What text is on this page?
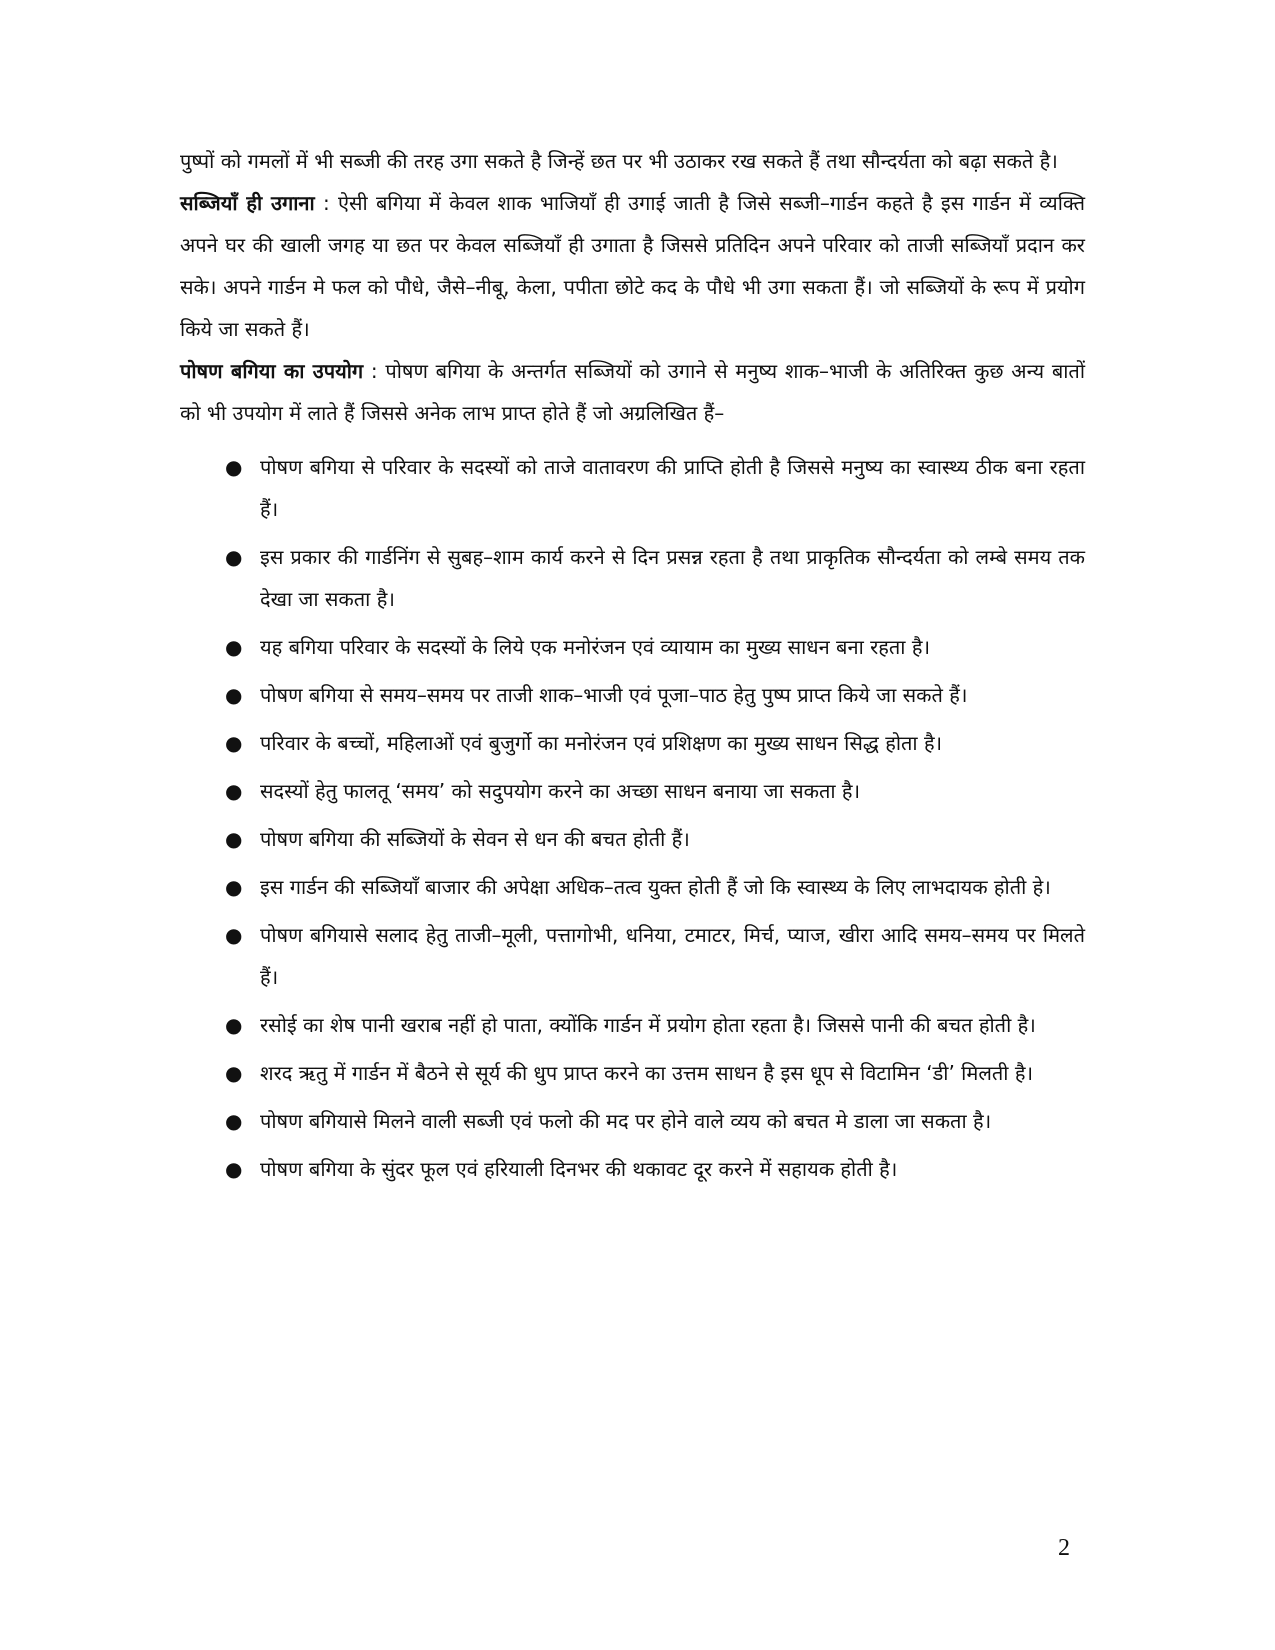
पुष्पों को गमलों में भी सब्जी की तरह उगा सकते है जिन्हें छत पर भी उठाकर रख सकते हैं तथा सौन्दर्यता को बढ़ा सकते है।

सब्जियॉं ही उगाना : ऐसी बगिया में केवल शाक भाजियॉं ही उगाई जाती है जिसे सब्जी–गार्डन कहते है इस गार्डन में व्यक्ति अपने घर की खाली जगह या छत पर केवल सब्जियॉं ही उगाता है जिससे प्रतिदिन अपने परिवार को ताजी सब्जियॉं प्रदान कर सके। अपने गार्डन मे फल को पौधे, जैसे–नीबू, केला, पपीता छोटे कद के पौधे भी उगा सकता हैं। जो सब्जियों के रूप में प्रयोग किये जा सकते हैं।

पोषण बगिया का उपयोग : पोषण बगिया के अन्तर्गत सब्जियों को उगाने से मनुष्य शाक–भाजी के अतिरिक्त कुछ अन्य बातों को भी उपयोग में लाते हैं जिससे अनेक लाभ प्राप्त होते हैं जो अग्रलिखित हैं–

● पोषण बगिया से परिवार के सदस्यों को ताजे वातावरण की प्राप्ति होती है जिससे मनुष्य का स्वास्थ्य ठीक बना रहता हैं।
● इस प्रकार की गार्डनिंग से सुबह–शाम कार्य करने से दिन प्रसन्न रहता है तथा प्राकृतिक सौन्दर्यता को लम्बे समय तक देखा जा सकता है।
● यह बगिया परिवार के सदस्यों के लिये एक मनोरंजन एवं व्यायाम का मुख्य साधन बना रहता है।
● पोषण बगिया से समय–समय पर ताजी शाक–भाजी एवं पूजा–पाठ हेतु पुष्प प्राप्त किये जा सकते हैं।
● परिवार के बच्चों, महिलाओं एवं बुजुर्गो का मनोरंजन एवं प्रशिक्षण का मुख्य साधन सिद्ध होता है।
● सदस्यों हेतु फालतू ‘समय’ को सदुपयोग करने का अच्छा साधन बनाया जा सकता है।
● पोषण बगिया की सब्जियों के सेवन से धन की बचत होती हैं।
● इस गार्डन की सब्जियॉं बाजार की अपेक्षा अधिक–तत्व युक्त होती हैं जो कि स्वास्थ्य के लिए लाभदायक होती हे।
● पोषण बगियासे सलाद हेतु ताजी–मूली, पत्तागोभी, धनिया, टमाटर, मिर्च, प्याज, खीरा आदि समय–समय पर मिलते हैं।
● रसोई का शेष पानी खराब नहीं हो पाता, क्योंकि गार्डन में प्रयोग होता रहता है। जिससे पानी की बचत होती है।
● शरद ऋतु में गार्डन में बैठने से सूर्य की धुप प्राप्त करने का उत्तम साधन है इस धूप से विटामिन ‘डी’ मिलती है।
● पोषण बगियासे मिलने वाली सब्जी एवं फलो की मद पर होने वाले व्यय को बचत मे डाला जा सकता है।
● पोषण बगिया के सुंदर फूल एवं हरियाली दिनभर की थकावट दूर करने में सहायक होती है।
2
